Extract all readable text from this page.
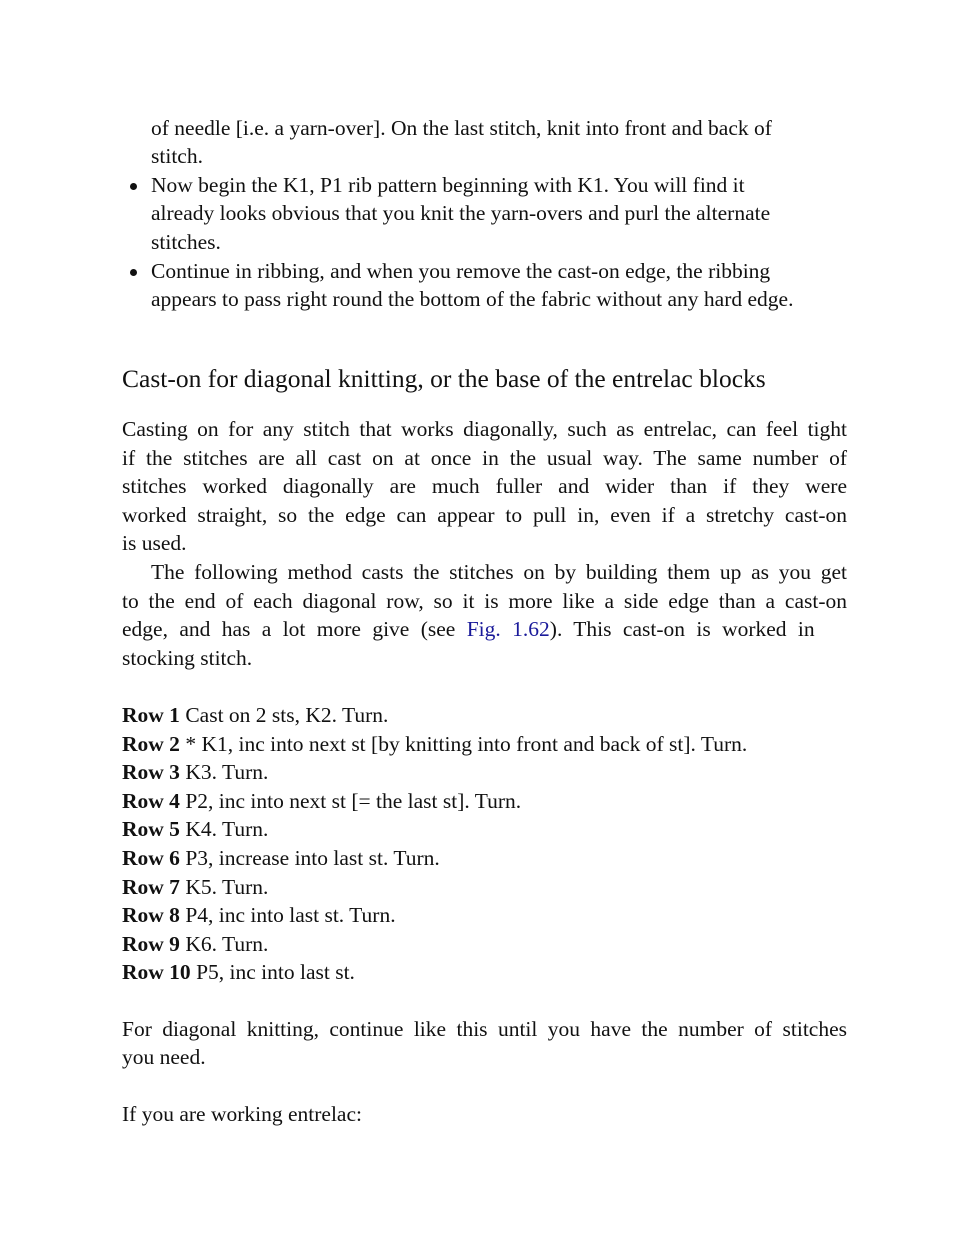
of needle [i.e. a yarn-over]. On the last stitch, knit into front and back of
stitch.
Now begin the K1, P1 rib pattern beginning with K1. You will find it
already looks obvious that you knit the yarn-overs and purl the alternate
stitches.
Continue in ribbing, and when you remove the cast-on edge, the ribbing
appears to pass right round the bottom of the fabric without any hard edge.
Cast-on for diagonal knitting, or the base of the entrelac blocks
Casting on for any stitch that works diagonally, such as entrelac, can feel tight
if the stitches are all cast on at once in the usual way. The same number of
stitches worked diagonally are much fuller and wider than if they were
worked straight, so the edge can appear to pull in, even if a stretchy cast-on
is used.
The following method casts the stitches on by building them up as you get
to the end of each diagonal row, so it is more like a side edge than a cast-on
edge, and has a lot more give (see Fig. 1.62). This cast-on is worked in
stocking stitch.
Row 1 Cast on 2 sts, K2. Turn.
Row 2 * K1, inc into next st [by knitting into front and back of st]. Turn.
Row 3 K3. Turn.
Row 4 P2, inc into next st [= the last st]. Turn.
Row 5 K4. Turn.
Row 6 P3, increase into last st. Turn.
Row 7 K5. Turn.
Row 8 P4, inc into last st. Turn.
Row 9 K6. Turn.
Row 10 P5, inc into last st.
For diagonal knitting, continue like this until you have the number of stitches
you need.
If you are working entrelac:
